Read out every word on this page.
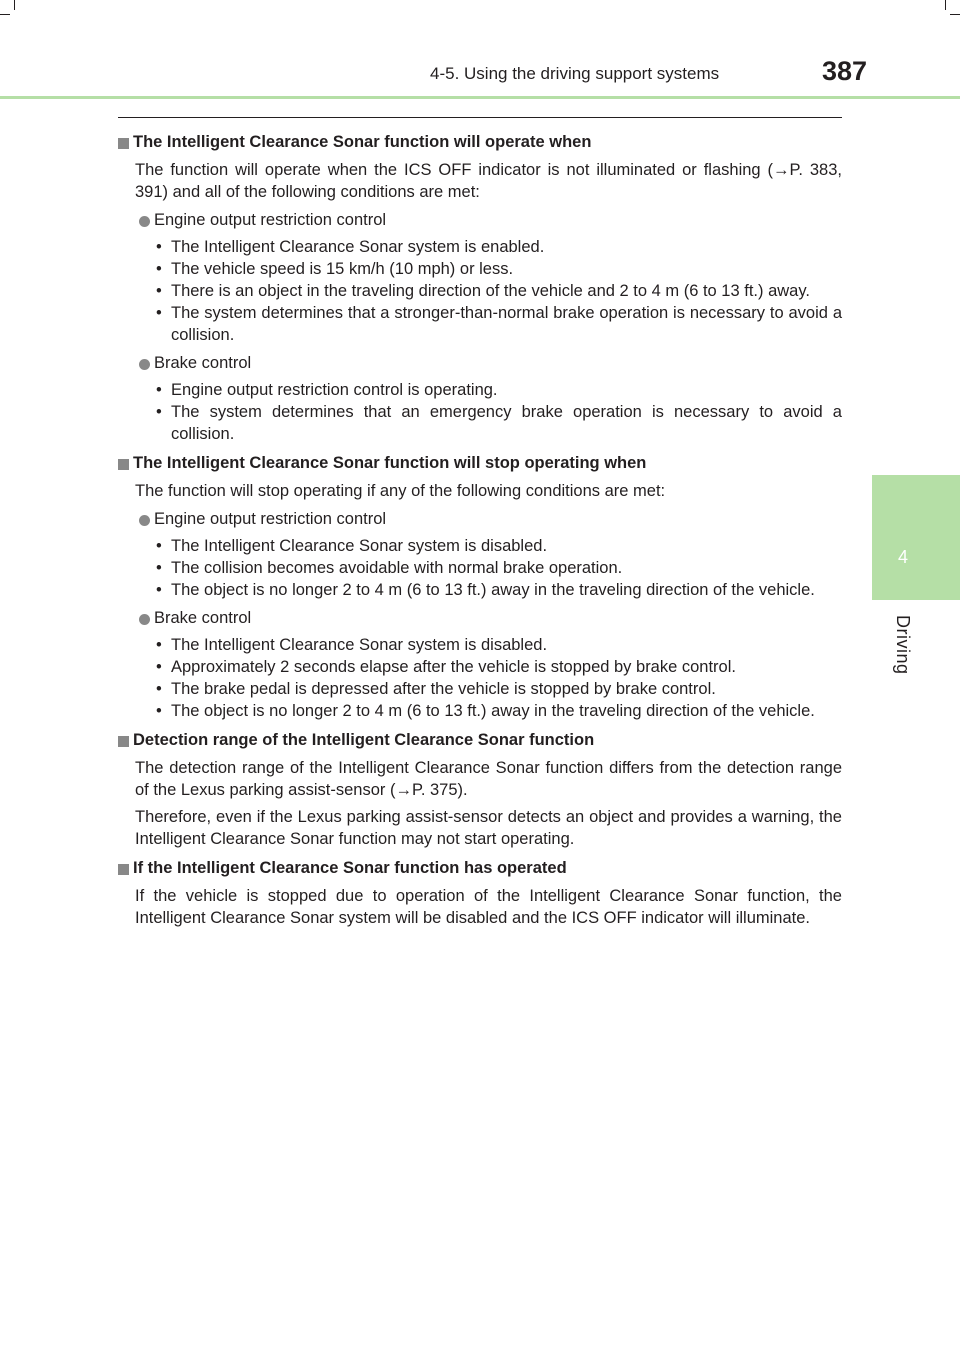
4-5. Using the driving support systems	387
4
Driving
The Intelligent Clearance Sonar function will operate when
The function will operate when the ICS OFF indicator is not illuminated or flashing (→P. 383, 391) and all of the following conditions are met:
Engine output restriction control
• The Intelligent Clearance Sonar system is enabled.
• The vehicle speed is 15 km/h (10 mph) or less.
• There is an object in the traveling direction of the vehicle and 2 to 4 m (6 to 13 ft.) away.
• The system determines that a stronger-than-normal brake operation is necessary to avoid a collision.
Brake control
• Engine output restriction control is operating.
• The system determines that an emergency brake operation is necessary to avoid a collision.
The Intelligent Clearance Sonar function will stop operating when
The function will stop operating if any of the following conditions are met:
Engine output restriction control
• The Intelligent Clearance Sonar system is disabled.
• The collision becomes avoidable with normal brake operation.
• The object is no longer 2 to 4 m (6 to 13 ft.) away in the traveling direction of the vehicle.
Brake control
• The Intelligent Clearance Sonar system is disabled.
• Approximately 2 seconds elapse after the vehicle is stopped by brake control.
• The brake pedal is depressed after the vehicle is stopped by brake control.
• The object is no longer 2 to 4 m (6 to 13 ft.) away in the traveling direction of the vehicle.
Detection range of the Intelligent Clearance Sonar function
The detection range of the Intelligent Clearance Sonar function differs from the detection range of the Lexus parking assist-sensor (→P. 375).
Therefore, even if the Lexus parking assist-sensor detects an object and provides a warning, the Intelligent Clearance Sonar function may not start operating.
If the Intelligent Clearance Sonar function has operated
If the vehicle is stopped due to operation of the Intelligent Clearance Sonar function, the Intelligent Clearance Sonar system will be disabled and the ICS OFF indicator will illuminate.
